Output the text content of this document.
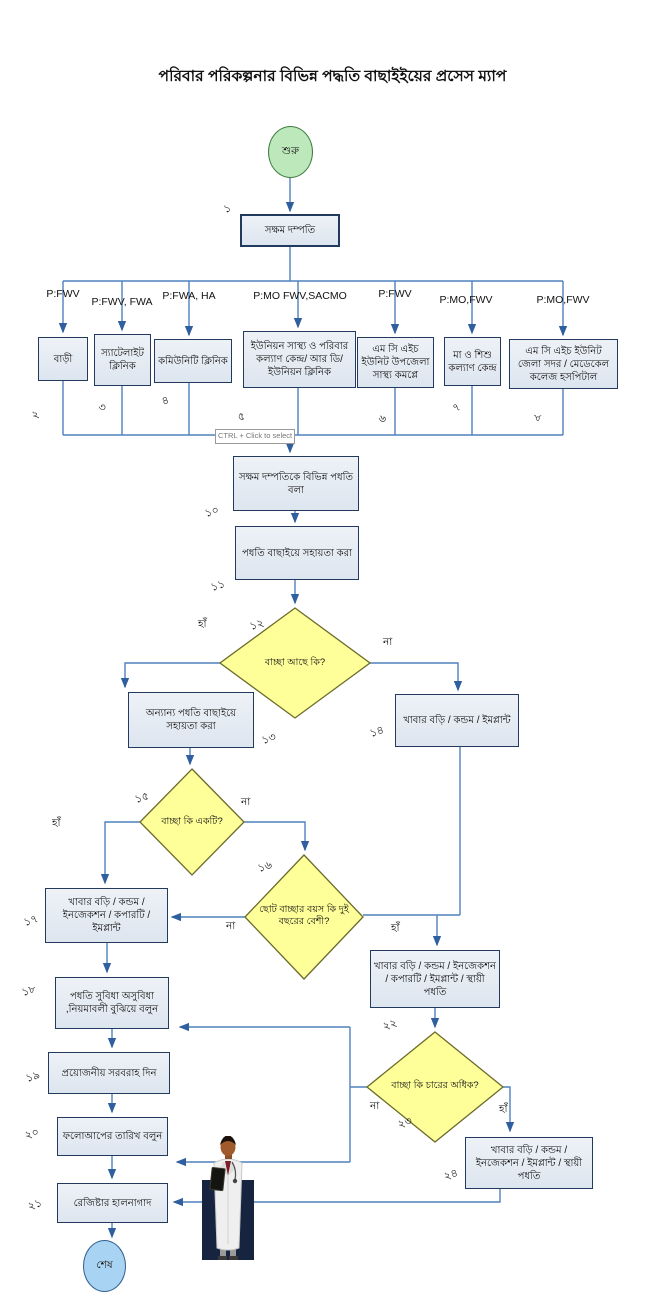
পরিবার পরিকল্পনার বিভিন্ন পদ্ধতি বাছাইইয়ের প্রসেস ম্যাপ
শুরু
শেষ
সক্ষম দম্পতি
বাড়ী	স্যাটেলাইট ক্লিনিক	কমিউনিটি ক্লিনিক
ইউনিয়ন সাস্থ্য ও পরিবার কল্যাণ কেন্দ্র/ আর ডি/ ইউনিয়ন ক্লিনিক
এম সি এইচ ইউনিট উপজেলা সাস্থ্য কমপ্লে
মা ও শিশু কল্যাণ কেন্দ্র
এম সি এইচ ইউনিট জেলা সদর / মেডেকেল কলেজ হসপিটাল
সক্ষম দম্পতিকে বিভিন্ন পধতি বলা
পধতি বাছাইয়ে সহায়তা করা
অন্যান্য পধতি বাছাইয়ে সহায়তা করা
খাবার বড়ি / কন্ডম / ইমপ্লান্ট
খাবার বড়ি / কন্ডম / ইনজেকশন / কপারটি / ইমপ্লান্ট
পধতি সুবিধা অসুবিধা ,নিয়মাবলী বুঝিয়ে বলুন
প্রয়োজনীয় সরবরাহ দিন
ফলোআপের তারিখ বলুন
রেজিষ্টার হালনাগাদ
খাবার বড়ি / কন্ডম / ইনজেকশন / কপারটি / ইমপ্লান্ট / স্থায়ী পধতি
খাবার বড়ি / কন্ডম / ইনজেকশন / ইমপ্লান্ট / স্থায়ী পধতি
বাচ্ছা আছে কি?
বাচ্ছা কি একটি?
ছোট বাচ্ছার বয়স কি দুই বছরের বেশী?
বাচ্ছা কি চারের অধিক?
P:FWV
P:FWV, FWA P:FWA, HA	P:MO FWV,SACMO	P:FWV	P:MO,FWV	P:MO,FWV
১
২
৩
৪
৫	৬
৭
৮
১০
১১
১২
১৩	১৪
১৫
১৬
১৭
১৮
১৯
২০
২১
২২
২৩
২৪
হাঁ
না
হাঁ
না
না	হাঁ
না	হাঁ
CTRL + Click to select
